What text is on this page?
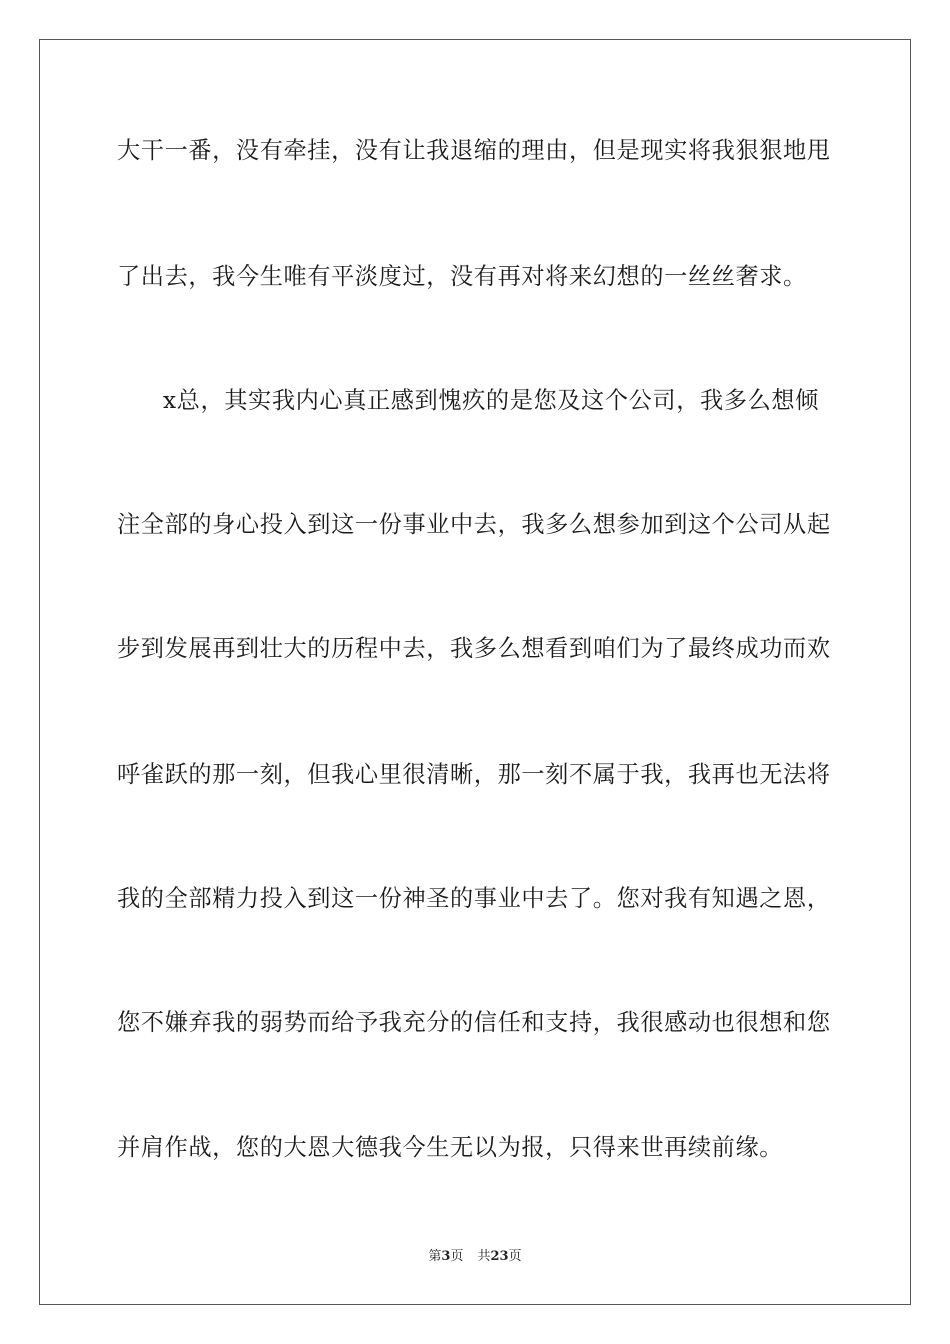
大干一番，没有牵挂，没有让我退缩的理由，但是现实将我狠狠地甩
了出去，我今生唯有平淡度过，没有再对将来幻想的一丝丝奢求。
x总，其实我内心真正感到愧疚的是您及这个公司，我多么想倾
注全部的身心投入到这一份事业中去，我多么想参加到这个公司从起
步到发展再到壮大的历程中去，我多么想看到咱们为了最终成功而欢
呼雀跃的那一刻，但我心里很清晰，那一刻不属于我，我再也无法将
我的全部精力投入到这一份神圣的事业中去了。您对我有知遇之恩，
您不嫌弃我的弱势而给予我充分的信任和支持，我很感动也很想和您
并肩作战，您的大恩大德我今生无以为报，只得来世再续前缘。
第3页 共23页
